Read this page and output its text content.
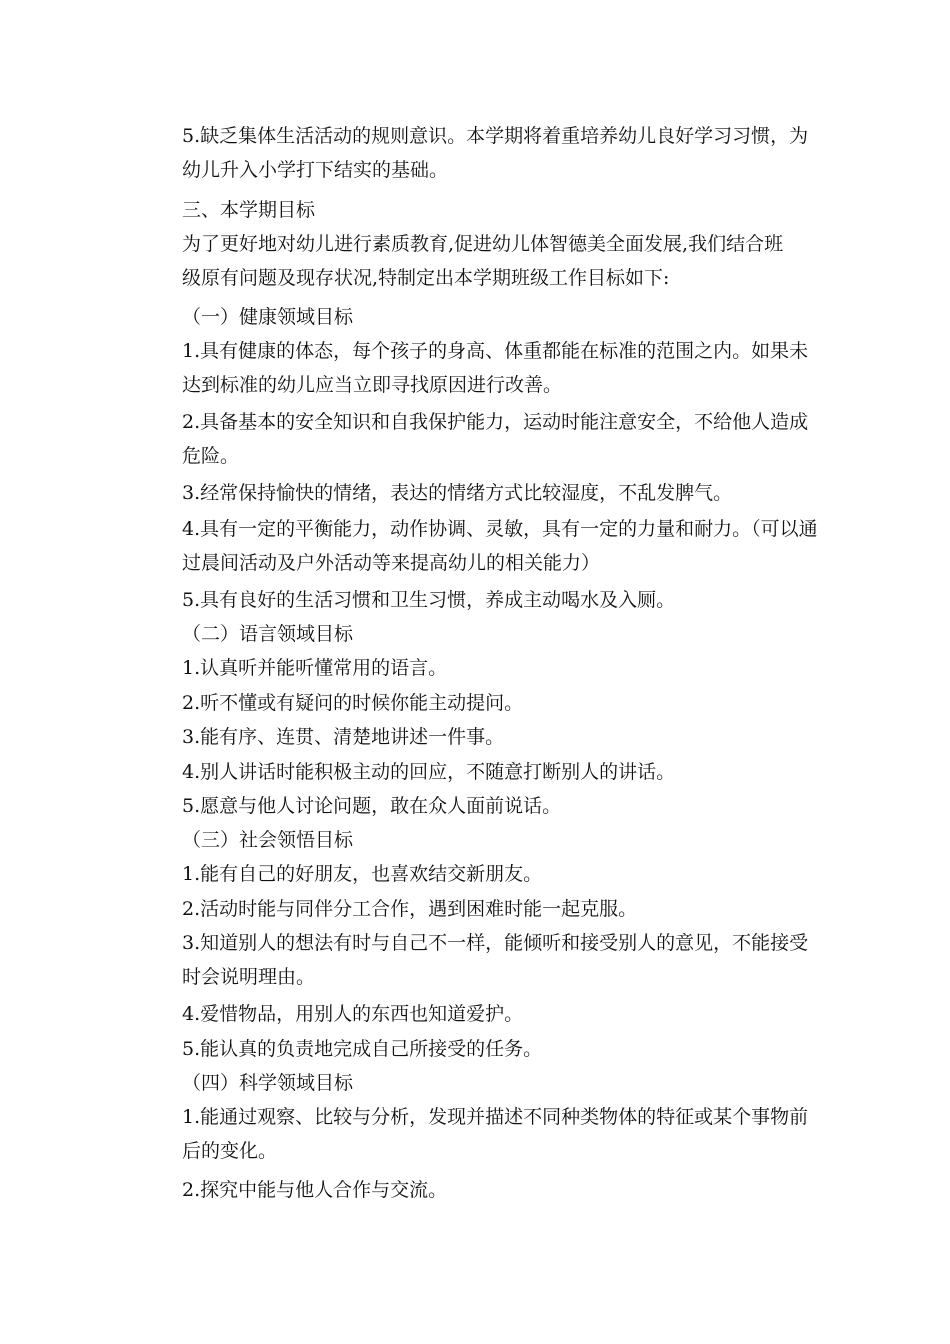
5.缺乏集体生活活动的规则意识。本学期将着重培养幼儿良好学习习惯，为
幼儿升入小学打下结实的基础。

三、本学期目标

为了更好地对幼儿进行素质教育,促进幼儿体智德美全面发展,我们结合班
级原有问题及现存状况,特制定出本学期班级工作目标如下:

（一）健康领域目标

1.具有健康的体态，每个孩子的身高、体重都能在标准的范围之内。如果未
达到标准的幼儿应当立即寻找原因进行改善。

2.具备基本的安全知识和自我保护能力，运动时能注意安全，不给他人造成
危险。

3.经常保持愉快的情绪，表达的情绪方式比较湿度，不乱发脾气。

4.具有一定的平衡能力，动作协调、灵敏，具有一定的力量和耐力。（可以通
过晨间活动及户外活动等来提高幼儿的相关能力）

5.具有良好的生活习惯和卫生习惯，养成主动喝水及入厕。

（二）语言领域目标

1.认真听并能听懂常用的语言。

2.听不懂或有疑问的时候你能主动提问。

3.能有序、连贯、清楚地讲述一件事。

4.别人讲话时能积极主动的回应，不随意打断别人的讲话。

5.愿意与他人讨论问题，敢在众人面前说话。

（三）社会领悟目标

1.能有自己的好朋友，也喜欢结交新朋友。

2.活动时能与同伴分工合作，遇到困难时能一起克服。

3.知道别人的想法有时与自己不一样，能倾听和接受别人的意见，不能接受
时会说明理由。

4.爱惜物品，用别人的东西也知道爱护。

5.能认真的负责地完成自己所接受的任务。

（四）科学领域目标

1.能通过观察、比较与分析，发现并描述不同种类物体的特征或某个事物前
后的变化。

2.探究中能与他人合作与交流。
